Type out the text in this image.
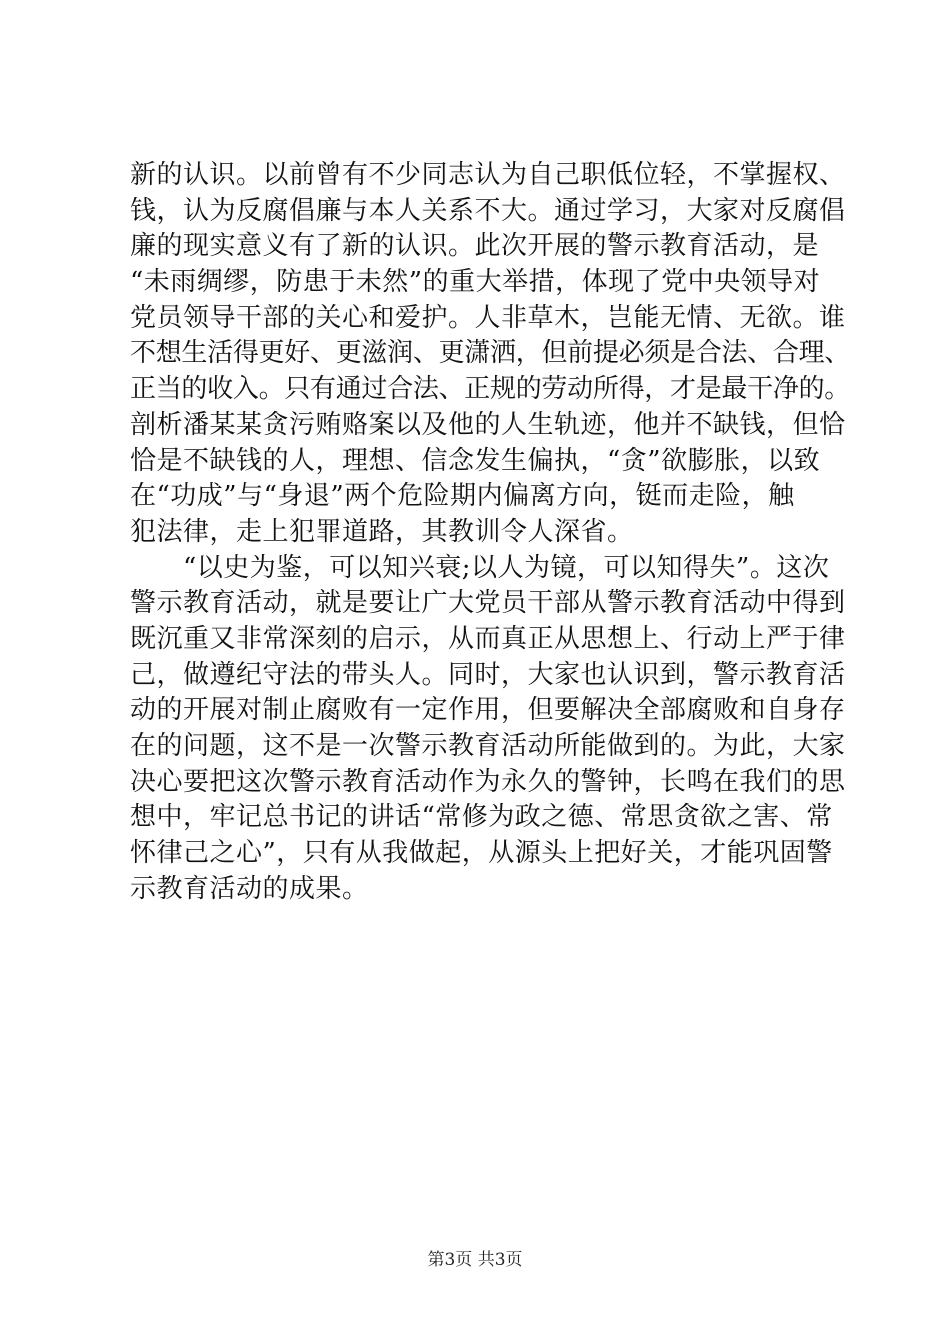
新的认识。以前曾有不少同志认为自己职低位轻，不掌握权、
钱，认为反腐倡廉与本人关系不大。通过学习，大家对反腐倡
廉的现实意义有了新的认识。此次开展的警示教育活动，是
“未雨绸缪，防患于未然”的重大举措，体现了党中央领导对
党员领导干部的关心和爱护。人非草木，岂能无情、无欲。谁
不想生活得更好、更滋润、更潇洒，但前提必须是合法、合理、
正当的收入。只有通过合法、正规的劳动所得，才是最干净的。
剖析潘某某贪污贿赂案以及他的人生轨迹，他并不缺钱，但恰
恰是不缺钱的人，理想、信念发生偏执，“贪”欲膨胀，以致
在“功成”与“身退”两个危险期内偏离方向，铤而走险，触
犯法律，走上犯罪道路，其教训令人深省。
　　“以史为鉴，可以知兴衰;以人为镜，可以知得失”。这次
警示教育活动，就是要让广大党员干部从警示教育活动中得到
既沉重又非常深刻的启示，从而真正从思想上、行动上严于律
己，做遵纪守法的带头人。同时，大家也认识到，警示教育活
动的开展对制止腐败有一定作用，但要解决全部腐败和自身存
在的问题，这不是一次警示教育活动所能做到的。为此，大家
决心要把这次警示教育活动作为永久的警钟，长鸣在我们的思
想中，牢记总书记的讲话“常修为政之德、常思贪欲之害、常
怀律己之心”，只有从我做起，从源头上把好关，才能巩固警
示教育活动的成果。
第3页 共3页
